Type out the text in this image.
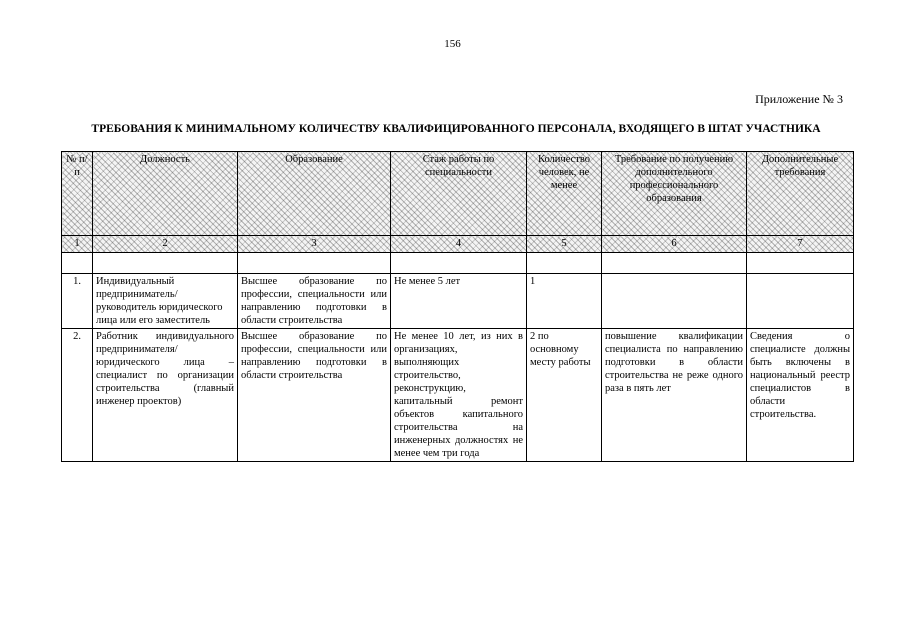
156
Приложение № 3
ТРЕБОВАНИЯ К МИНИМАЛЬНОМУ КОЛИЧЕСТВУ КВАЛИФИЦИРОВАННОГО ПЕРСОНАЛА, ВХОДЯЩЕГО В ШТАТ УЧАСТНИКА
№ п/п	Должность	Образование	Стаж работы по специальности	Количество человек, не менее	Требование по получению дополнительного профессионального образования	Дополнительные требования
1	2	3	4	5	6	7

1.	Индивидуальный предприниматель/руководитель юридического лица или его заместитель	Высшее образование по профессии, специальности или направлению подготовки в области строительства	Не менее 5 лет	1		
2.	Работник индивидуального предпринимателя/ юридического лица – специалист по организации строительства (главный инженер проектов)	Высшее образование по профессии, специальности или направлению подготовки в области строительства	Не менее 10 лет, из них в организациях, выполняющих строительство, реконструкцию, капитальный ремонт объектов капитального строительства на инженерных должностях не менее чем три года	2 по основному месту работы	повышение квалификации специалиста по направлению подготовки в области строительства не реже одного раза в пять лет	Сведения о специалисте должны быть включены в национальный реестр специалистов в области строительства.
